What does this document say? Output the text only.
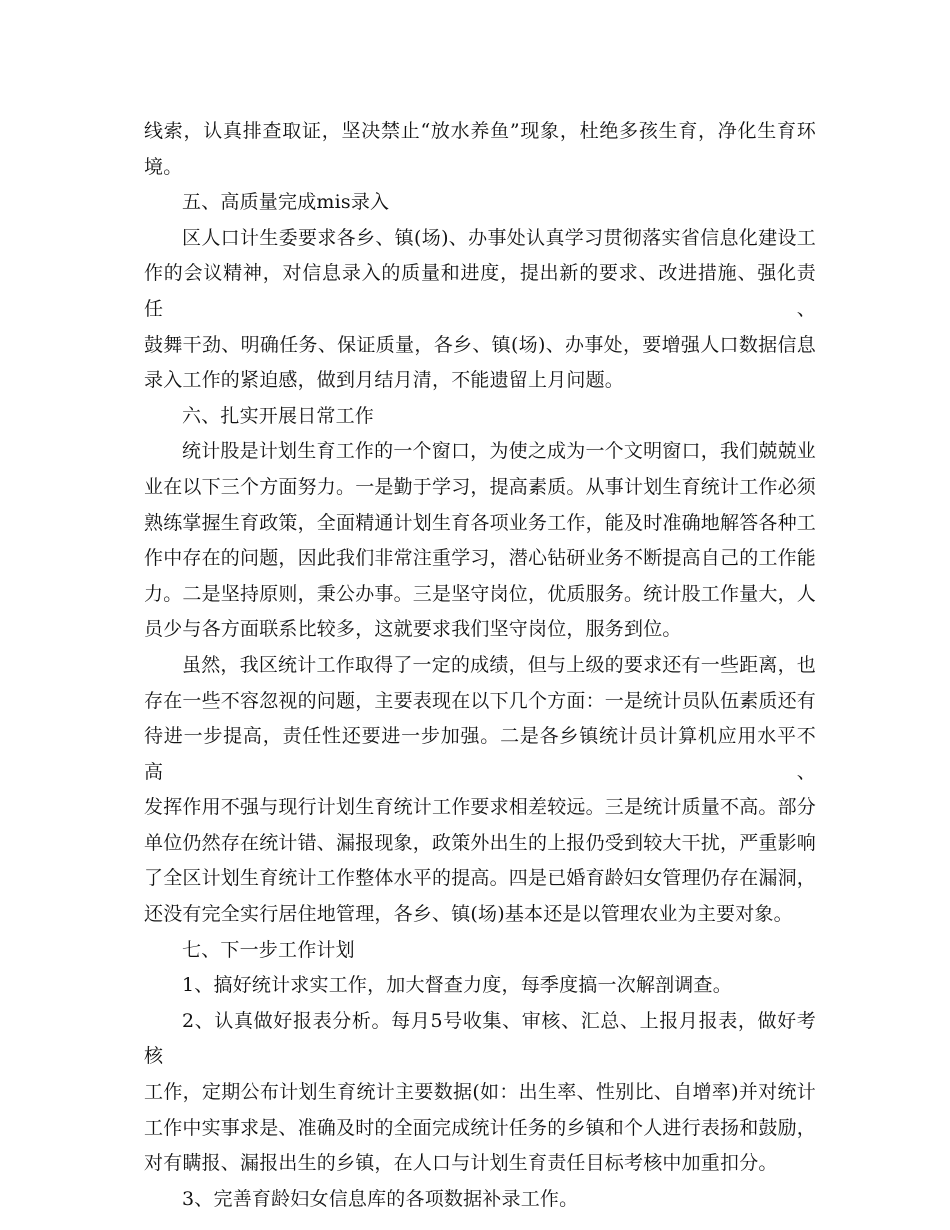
线索，认真排查取证，坚决禁止“放水养鱼”现象，杜绝多孩生育，净化生育环
境。
五、高质量完成mis录入
区人口计生委要求各乡、镇(场)、办事处认真学习贯彻落实省信息化建设工
作的会议精神，对信息录入的质量和进度，提出新的要求、改进措施、强化责任、
鼓舞干劲、明确任务、保证质量，各乡、镇(场)、办事处，要增强人口数据信息
录入工作的紧迫感，做到月结月清，不能遗留上月问题。
六、扎实开展日常工作
统计股是计划生育工作的一个窗口，为使之成为一个文明窗口，我们兢兢业
业在以下三个方面努力。一是勤于学习，提高素质。从事计划生育统计工作必须
熟练掌握生育政策，全面精通计划生育各项业务工作，能及时准确地解答各种工
作中存在的问题，因此我们非常注重学习，潜心钻研业务不断提高自己的工作能
力。二是坚持原则，秉公办事。三是坚守岗位，优质服务。统计股工作量大，人
员少与各方面联系比较多，这就要求我们坚守岗位，服务到位。
虽然，我区统计工作取得了一定的成绩，但与上级的要求还有一些距离，也
存在一些不容忽视的问题，主要表现在以下几个方面：一是统计员队伍素质还有
待进一步提高，责任性还要进一步加强。二是各乡镇统计员计算机应用水平不高、
发挥作用不强与现行计划生育统计工作要求相差较远。三是统计质量不高。部分
单位仍然存在统计错、漏报现象，政策外出生的上报仍受到较大干扰，严重影响
了全区计划生育统计工作整体水平的提高。四是已婚育龄妇女管理仍存在漏洞，
还没有完全实行居住地管理，各乡、镇(场)基本还是以管理农业为主要对象。
七、下一步工作计划
1、搞好统计求实工作，加大督查力度，每季度搞一次解剖调查。
2、认真做好报表分析。每月5号收集、审核、汇总、上报月报表，做好考核
工作，定期公布计划生育统计主要数据(如：出生率、性别比、自增率)并对统计
工作中实事求是、准确及时的全面完成统计任务的乡镇和个人进行表扬和鼓励，
对有瞒报、漏报出生的乡镇，在人口与计划生育责任目标考核中加重扣分。
3、完善育龄妇女信息库的各项数据补录工作。
